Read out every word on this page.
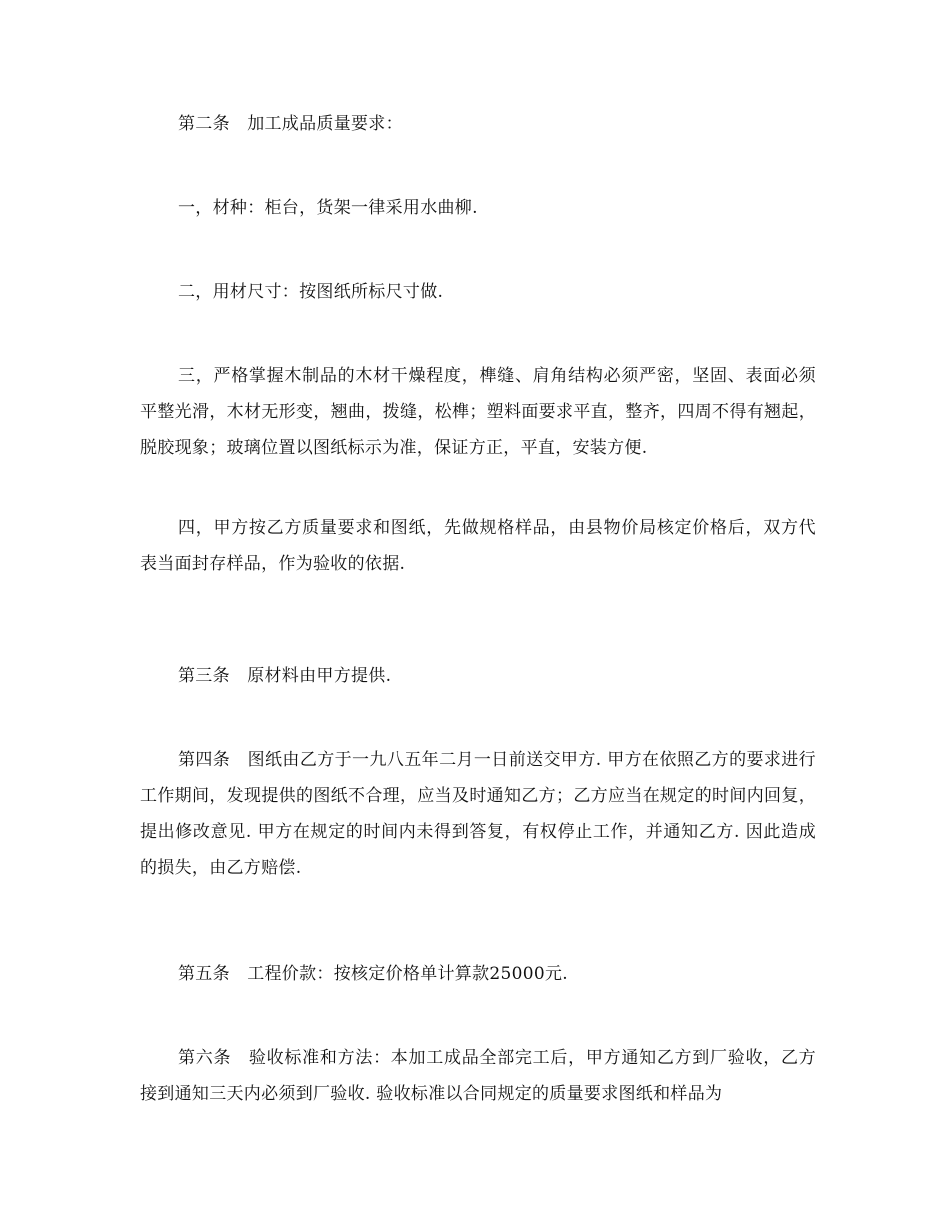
第二条　加工成品质量要求：

一，材种：柜台，货架一律采用水曲柳.

二，用材尺寸：按图纸所标尺寸做.

三，严格掌握木制品的木材干燥程度，榫缝、肩角结构必须严密，坚固、表面必须平整光滑，木材无形变，翘曲，拨缝，松榫；塑料面要求平直，整齐，四周不得有翘起，脱胶现象；玻璃位置以图纸标示为准，保证方正，平直，安装方便.

四，甲方按乙方质量要求和图纸，先做规格样品，由县物价局核定价格后，双方代表当面封存样品，作为验收的依据.

第三条　原材料由甲方提供.

第四条　图纸由乙方于一九八五年二月一日前送交甲方. 甲方在依照乙方的要求进行工作期间，发现提供的图纸不合理，应当及时通知乙方；乙方应当在规定的时间内回复，提出修改意见. 甲方在规定的时间内未得到答复，有权停止工作，并通知乙方. 因此造成的损失，由乙方赔偿.

第五条　工程价款：按核定价格单计算款25000元.

第六条　验收标准和方法：本加工成品全部完工后，甲方通知乙方到厂验收，乙方接到通知三天内必须到厂验收. 验收标准以合同规定的质量要求图纸和样品为
